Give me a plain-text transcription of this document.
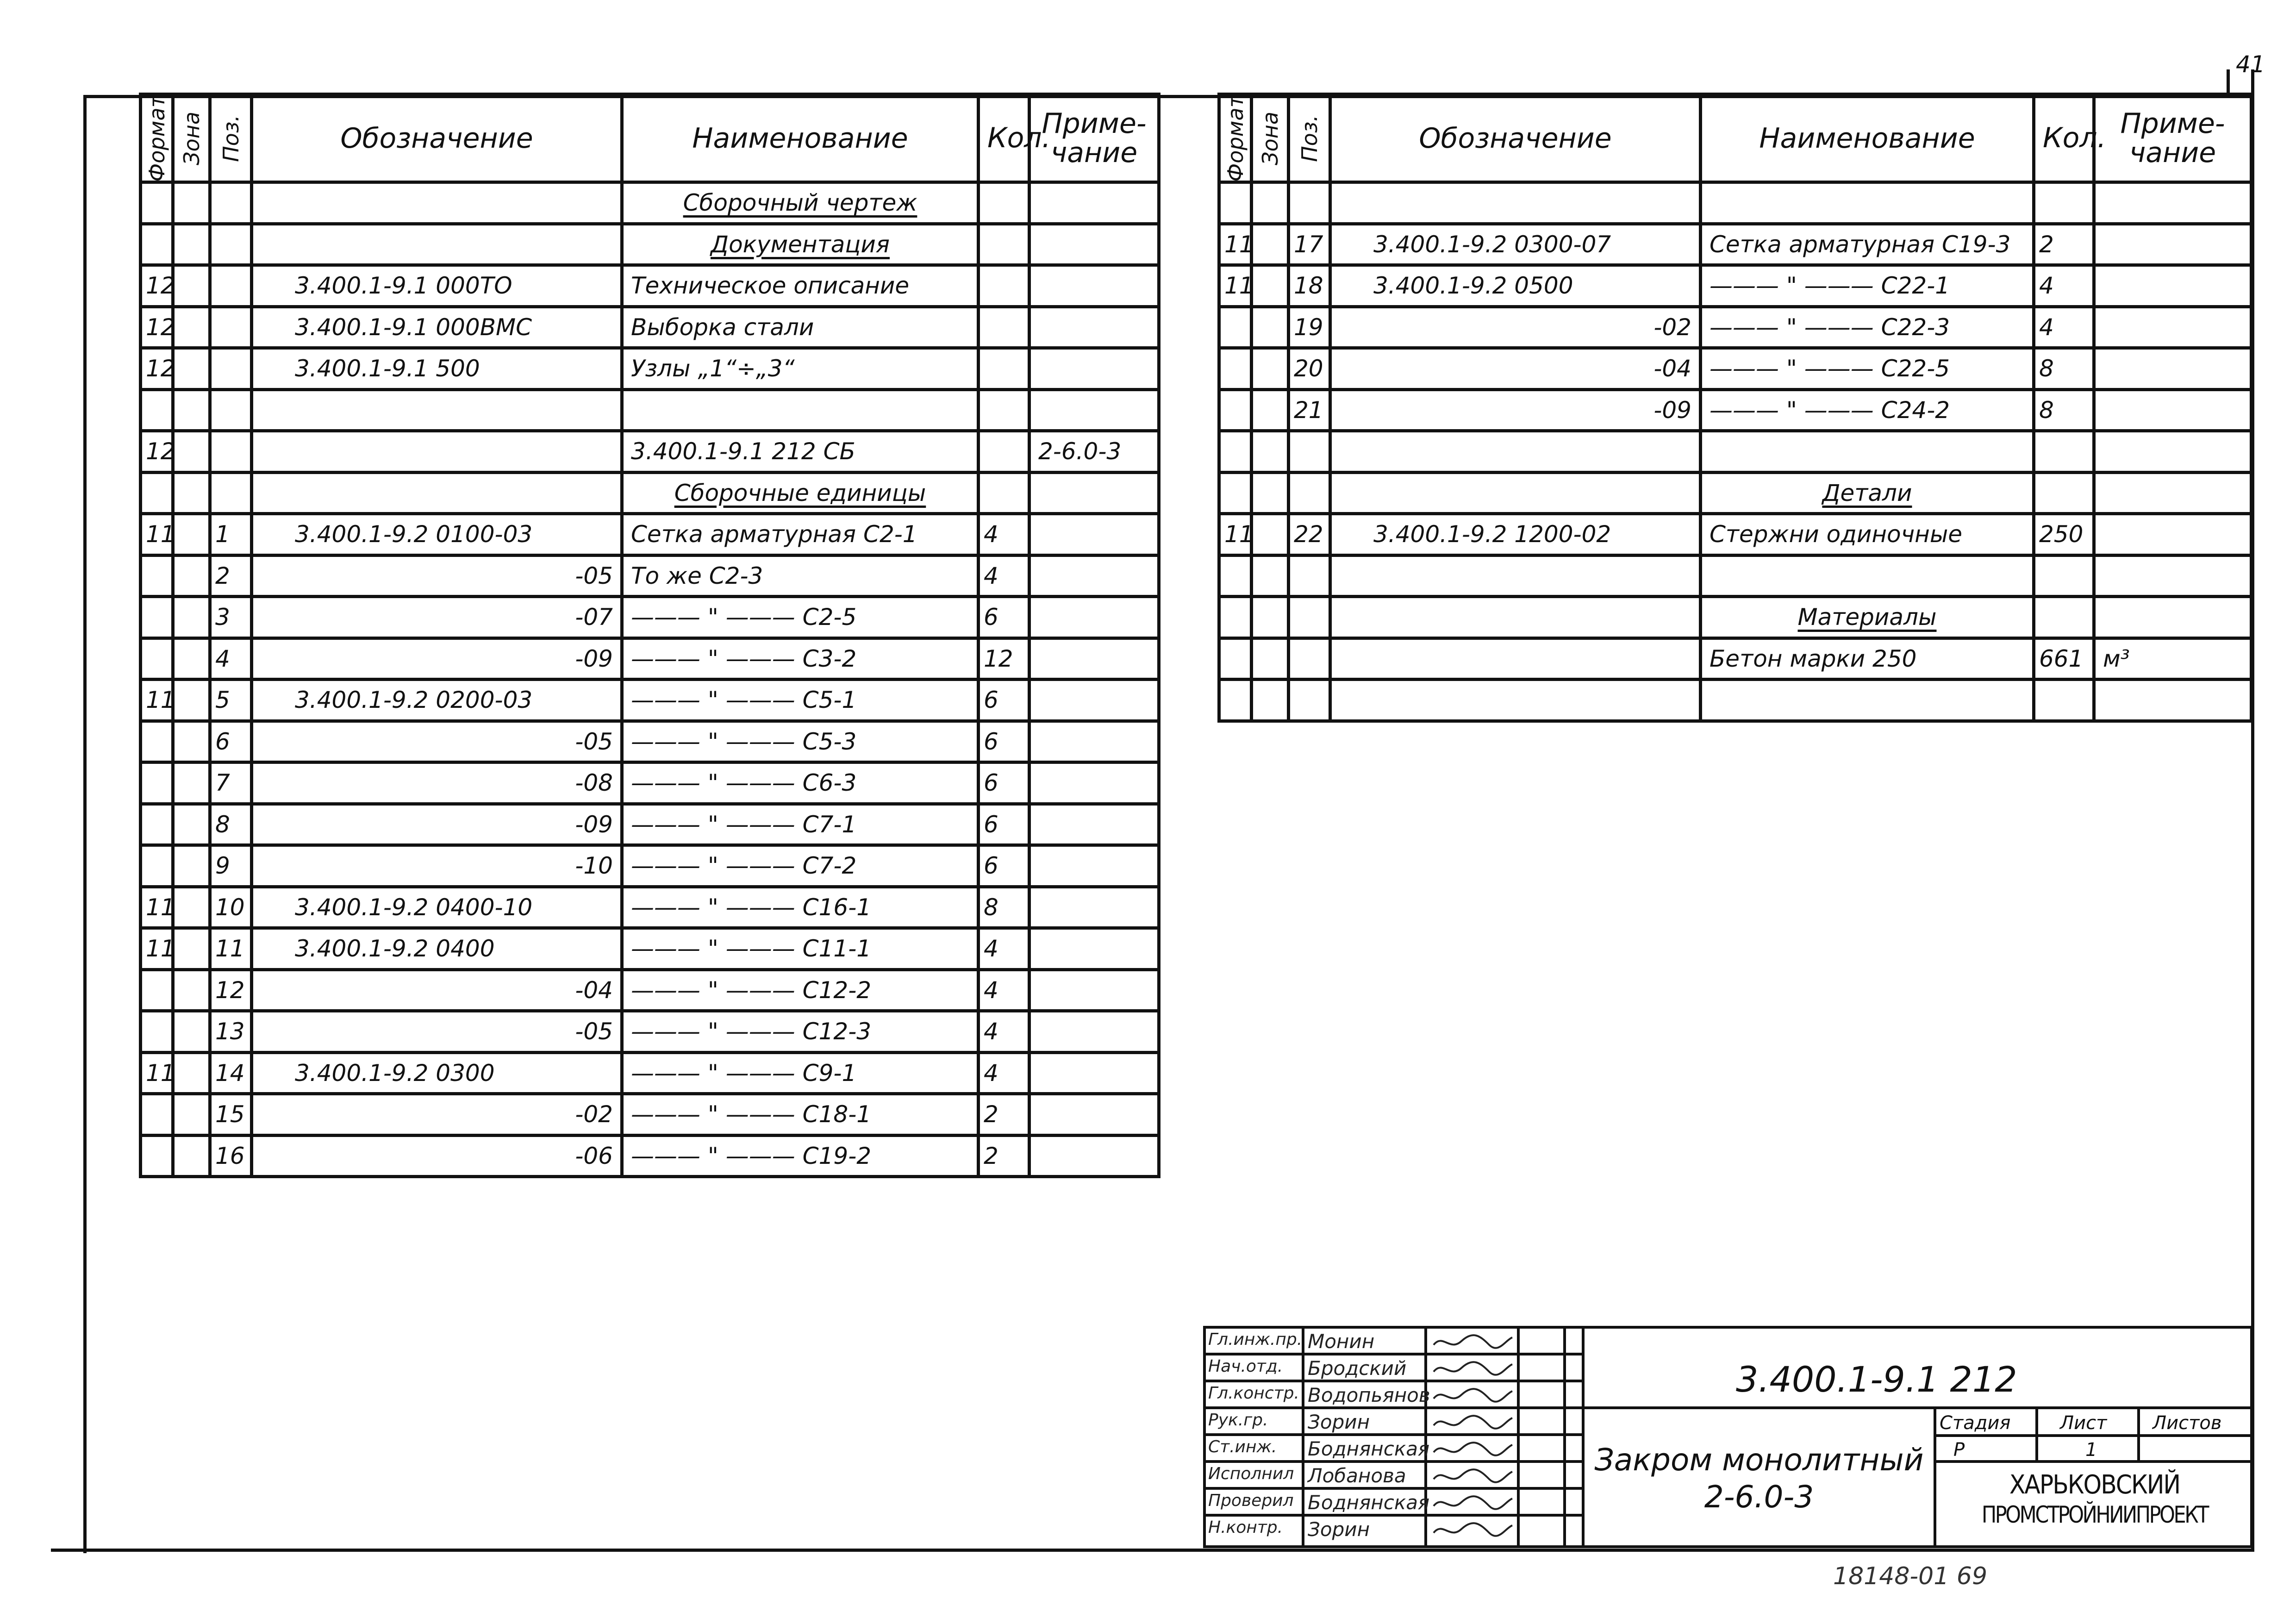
41
Формат	Зона	Поз.	Обозначение	Наименование	Кол.	Приме-
чание
				Сборочный чертеж		
				Документация		
12			3.400.1-9.1 000ТО	Техническое описание		
12			3.400.1-9.1 000ВМС	Выборка стали		
12			3.400.1-9.1 500	Узлы „1“÷„3“		

12				3.400.1-9.1 212 СБ		2-6.0-3
				Сборочные единицы		
11		1	3.400.1-9.2 0100-03	Сетка арматурная С2-1	4	
		2	-05	То же С2-3	4	
		3	-07	——— " ——— С2-5	6	
		4	-09	——— " ——— С3-2	12	
11		5	3.400.1-9.2 0200-03	——— " ——— С5-1	6	
		6	-05	——— " ——— С5-3	6	
		7	-08	——— " ——— С6-3	6	
		8	-09	——— " ——— С7-1	6	
		9	-10	——— " ——— С7-2	6	
11		10	3.400.1-9.2 0400-10	——— " ——— С16-1	8	
11		11	3.400.1-9.2 0400	——— " ——— С11-1	4	
		12	-04	——— " ——— С12-2	4	
		13	-05	——— " ——— С12-3	4	
11		14	3.400.1-9.2 0300	——— " ——— С9-1	4	
		15	-02	——— " ——— С18-1	2	
		16	-06	——— " ——— С19-2	2	
Формат	Зона	Поз.	Обозначение	Наименование	Кол.	Приме-
чание

11		17	3.400.1-9.2 0300-07	Сетка арматурная С19-3	2	
11		18	3.400.1-9.2 0500	——— " ——— С22-1	4	
		19	-02	——— " ——— С22-3	4	
		20	-04	——— " ——— С22-5	8	
		21	-09	——— " ——— С24-2	8	

				Детали		
11		22	3.400.1-9.2 1200-02	Стержни одиночные	250	

				Материалы		
				Бетон марки 250	661	м³

Гл.инж.пр. Монин
Нач.отд. Бродский
Гл.констр. Водопьянов
Рук.гр. Зорин
Ст.инж. Боднянская
Исполнил Лобанова
Проверил Боднянская
Н.контр. Зорин
3.400.1-9.1 212
Закром монолитный
2-6.0-3
Стадия	Лист Листов
Р	1
ХАРЬКОВСКИЙ
ПРОМСТРОЙНИИПРОЕКТ
18148-01 69
